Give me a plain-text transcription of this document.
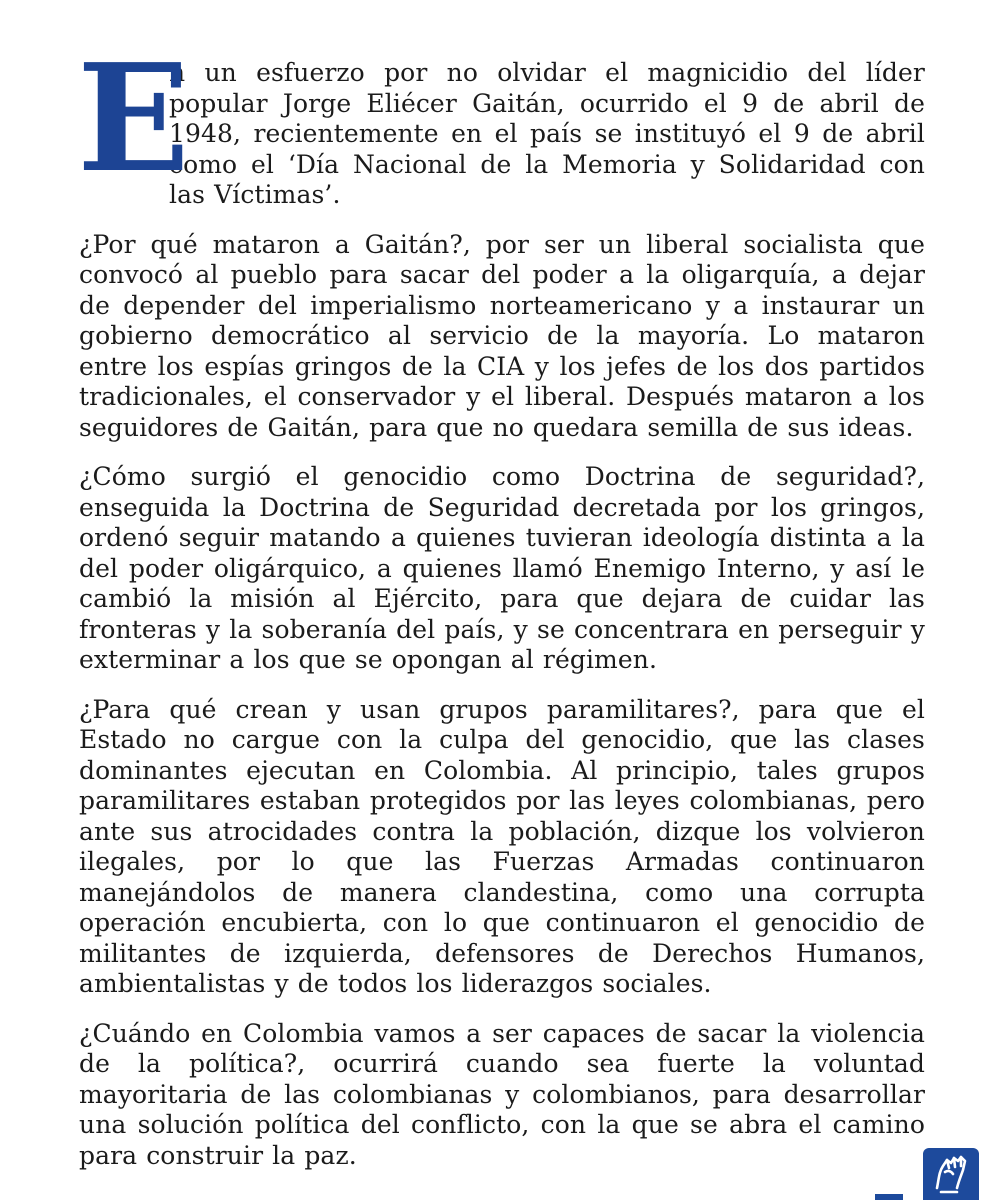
E
n un esfuerzo por no olvidar el magnicidio del líder popular Jorge Eliécer Gaitán, ocurrido el 9 de abril de 1948, recientemente en el país se instituyó el 9 de abril como el ‘Día Nacional de la Memoria y Solidaridad con las Víctimas’.

¿Por qué mataron a Gaitán?, por ser un liberal socialista que convocó al pueblo para sacar del poder a la oligarquía, a dejar de depender del imperialismo norteamericano y a instaurar un gobierno democrático al servicio de la mayoría. Lo mataron entre los espías gringos de la CIA y los jefes de los dos partidos tradicionales, el conservador y el liberal. Después mataron a los seguidores de Gaitán, para que no quedara semilla de sus ideas.

¿Cómo surgió el genocidio como Doctrina de seguridad?, enseguida la Doctrina de Seguridad decretada por los gringos, ordenó seguir matando a quienes tuvieran ideología distinta a la del poder oligárquico, a quienes llamó Enemigo Interno, y así le cambió la misión al Ejército, para que dejara de cuidar las fronteras y la soberanía del país, y se concentrara en perseguir y exterminar a los que se opongan al régimen.

¿Para qué crean y usan grupos paramilitares?, para que el Estado no cargue con la culpa del genocidio, que las clases dominantes ejecutan en Colombia. Al principio, tales grupos paramilitares estaban protegidos por las leyes colombianas, pero ante sus atrocidades contra la población, dizque los volvieron ilegales, por lo que las Fuerzas Armadas continuaron manejándolos de manera clandestina, como una corrupta operación encubierta, con lo que continuaron el genocidio de militantes de izquierda, defensores de Derechos Humanos, ambientalistas y de todos los liderazgos sociales.

¿Cuándo en Colombia vamos a ser capaces de sacar la violencia de la política?, ocurrirá cuando sea fuerte la voluntad mayoritaria de las colombianas y colombianos, para desarrollar una solución política del conflicto, con la que se abra el camino para construir la paz.
